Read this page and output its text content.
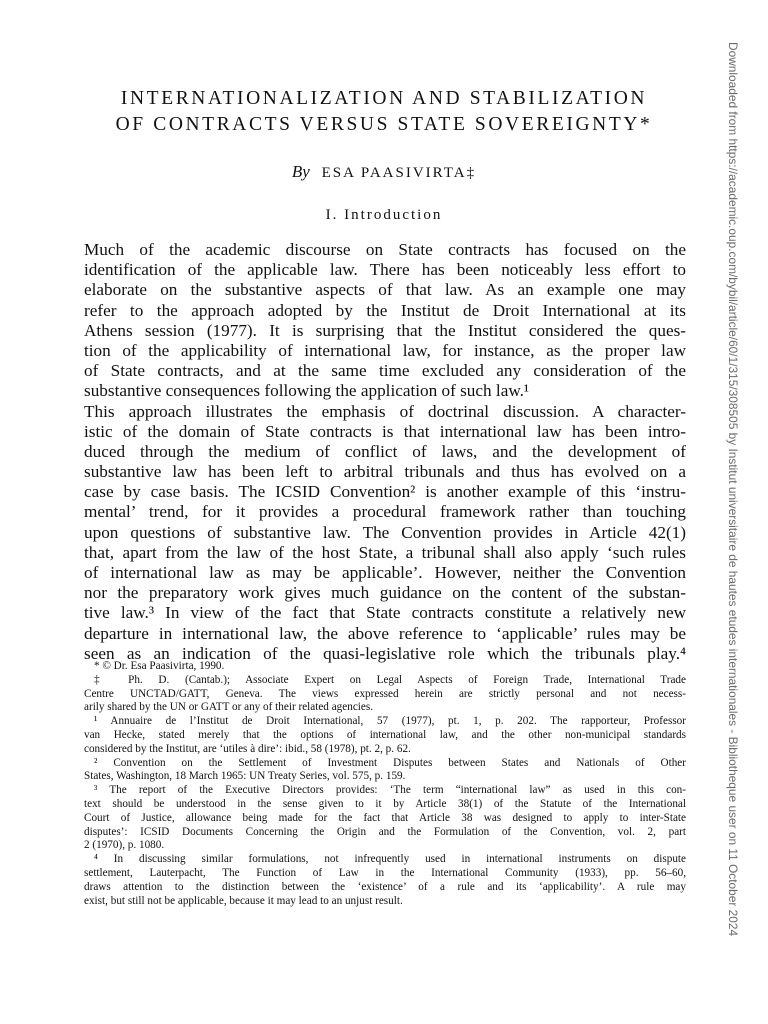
INTERNATIONALIZATION AND STABILIZATION
OF CONTRACTS VERSUS STATE SOVEREIGNTY*
By ESA PAASIVIRTA‡
I. Introduction
Much of the academic discourse on State contracts has focused on the
identification of the applicable law. There has been noticeably less effort to
elaborate on the substantive aspects of that law. As an example one may
refer to the approach adopted by the Institut de Droit International at its
Athens session (1977). It is surprising that the Institut considered the ques-
tion of the applicability of international law, for instance, as the proper law
of State contracts, and at the same time excluded any consideration of the
substantive consequences following the application of such law.¹
This approach illustrates the emphasis of doctrinal discussion. A character-
istic of the domain of State contracts is that international law has been intro-
duced through the medium of conflict of laws, and the development of
substantive law has been left to arbitral tribunals and thus has evolved on a
case by case basis. The ICSID Convention² is another example of this ‘instru-
mental’ trend, for it provides a procedural framework rather than touching
upon questions of substantive law. The Convention provides in Article 42(1)
that, apart from the law of the host State, a tribunal shall also apply ‘such rules
of international law as may be applicable’. However, neither the Convention
nor the preparatory work gives much guidance on the content of the substan-
tive law.³ In view of the fact that State contracts constitute a relatively new
departure in international law, the above reference to ‘applicable’ rules may be
seen as an indication of the quasi-legislative role which the tribunals play.⁴
* © Dr. Esa Paasivirta, 1990.
‡ Ph. D. (Cantab.); Associate Expert on Legal Aspects of Foreign Trade, International Trade
Centre UNCTAD/GATT, Geneva. The views expressed herein are strictly personal and not necess-
arily shared by the UN or GATT or any of their related agencies.
¹ Annuaire de l’Institut de Droit International, 57 (1977), pt. 1, p. 202. The rapporteur, Professor
van Hecke, stated merely that the options of international law, and the other non-municipal standards
considered by the Institut, are ‘utiles à dire’: ibid., 58 (1978), pt. 2, p. 62.
² Convention on the Settlement of Investment Disputes between States and Nationals of Other
States, Washington, 18 March 1965: UN Treaty Series, vol. 575, p. 159.
³ The report of the Executive Directors provides: ‘The term “international law” as used in this con-
text should be understood in the sense given to it by Article 38(1) of the Statute of the International
Court of Justice, allowance being made for the fact that Article 38 was designed to apply to inter-State
disputes’: ICSID Documents Concerning the Origin and the Formulation of the Convention, vol. 2, part
2 (1970), p. 1080.
⁴ In discussing similar formulations, not infrequently used in international instruments on dispute
settlement, Lauterpacht, The Function of Law in the International Community (1933), pp. 56–60,
draws attention to the distinction between the ‘existence’ of a rule and its ‘applicability’. A rule may
exist, but still not be applicable, because it may lead to an unjust result.	Downloaded from https://academic.oup.com/bybil/article/60/1/315/308505 by Institut universitaire de hautes etudes internationales - Bibliotheque user on 11 October 2024
